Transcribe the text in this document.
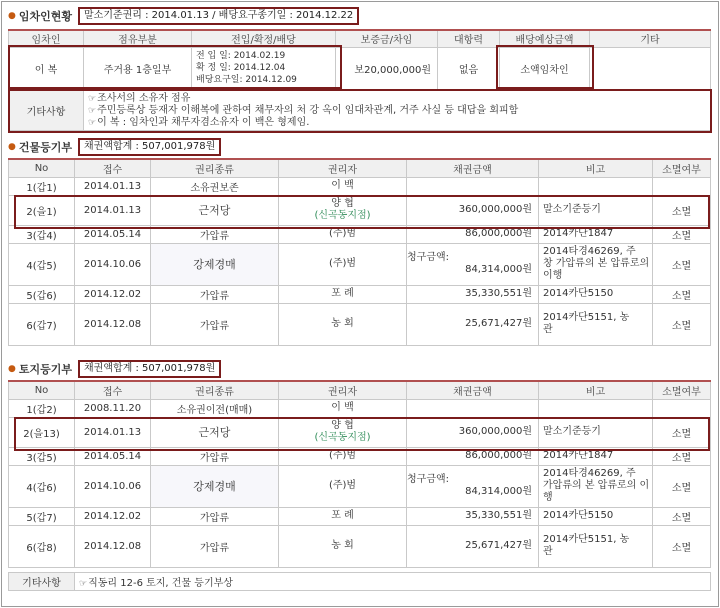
● 임차인현황	말소기준권리 : 2014.01.13 / 배당요구종기일 : 2014.12.22
임차인	점유부분	전입/확정/배당	보증금/차임	대항력	배당예상금액	기타
이 복	주거용 1층일부	전 입 일: 2014.02.19
확 정 일: 2014.12.04
배당요구일: 2014.12.09	보20,000,000원	없음	소액임차인	
기타사항	
☞조사서의 소유자 점유
☞주민등록상 등재자 이해복에 관하여 채무자의 처 강 옥이 임대차관계, 거주 사실 등 대답을 회피함
☞이 복 : 임차인과 채무자겸소유자 이 백은 형제임.
● 건물등기부	채권액합계 : 507,001,978원
No	접수	권리종류	권리자	채권금액	비고	소멸여부
1(갑1)	2014.01.13	소유권보존	이 백			

2(을1)	2014.01.13	근저당	양 협
(신곡동지점)	360,000,000원	말소기준등기	소멸
3(갑4)	2014.05.14	가압류	(주)범	86,000,000원	2014카단1847	소멸
4(갑5)	2014.10.06	강제경매	(주)범	청구금액:
84,314,000원	2014타경46269, 주
창 가압류의 본 압류로의 이행	소멸
5(갑6)	2014.12.02	가압류	포 례	35,330,551원	2014카단5150	소멸
6(갑7)	2014.12.08	가압류	농 회	25,671,427원	2014카단5151, 농
관	소멸
● 토지등기부	채권액합계 : 507,001,978원
No	접수	권리종류	권리자	채권금액	비고	소멸여부
1(갑2)	2008.11.20	소유권이전(매매)	이 백			

2(을13)	2014.01.13	근저당	양 협
(신곡동지점)	360,000,000원	말소기준등기	소멸
3(갑5)	2014.05.14	가압류	(주)범	86,000,000원	2014카단1847	소멸
4(갑6)	2014.10.06	강제경매	(주)범	청구금액:
84,314,000원	2014타경46269, 주
가압류의 본 압류로의 이행	소멸
5(갑7)	2014.12.02	가압류	포 례	35,330,551원	2014카단5150	소멸
6(갑8)	2014.12.08	가압류	농 회	25,671,427원	2014카단5151, 농
관	소멸
기타사항	☞직동리 12-6 토지, 건물 등기부상
